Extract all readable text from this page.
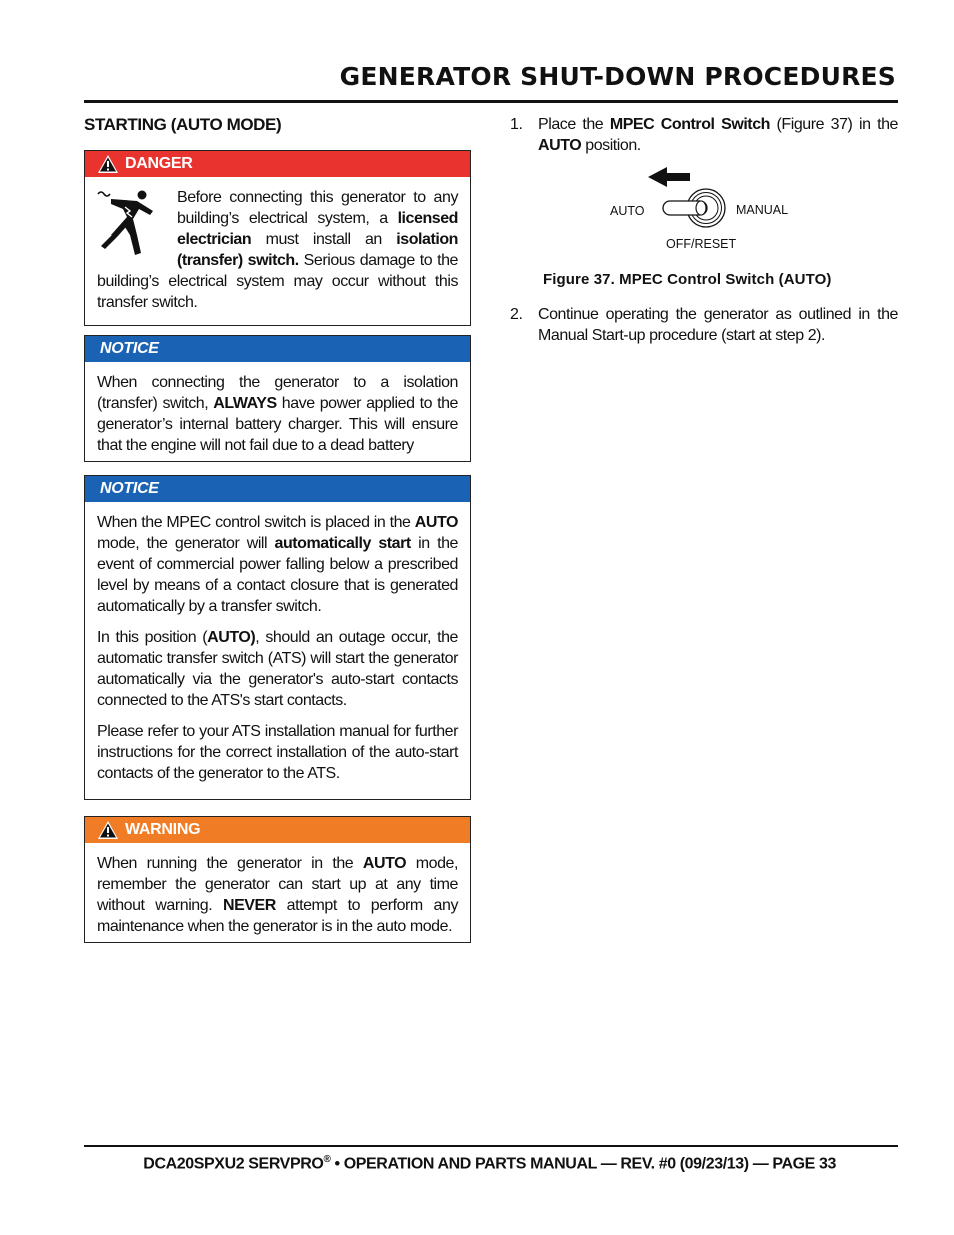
GENERATOR SHUT-DOWN PROCEDURES
STARTING (AUTO MODE)
DANGER
Before connecting this generator to any building’s electrical system, a licensed electrician must install an isolation (transfer) switch. Serious damage to the building’s electrical system may occur without this transfer switch.
NOTICE
When connecting the generator to a isolation (transfer) switch, ALWAYS have power applied to the generator’s internal battery charger. This will ensure that the engine will not fail due to a dead battery
NOTICE

When the MPEC control switch is placed in the AUTO mode, the generator will automatically start in the event of commercial power falling below a prescribed level by means of a contact closure that is generated automatically by a transfer switch.

In this position (AUTO), should an outage occur, the automatic transfer switch (ATS) will start the generator automatically via the generator's auto-start contacts connected to the ATS's start contacts.

Please refer to your ATS installation manual for further instructions for the correct installation of the auto-start contacts of the generator to the ATS.

WARNING
When running the generator in the AUTO mode, remember the generator can start up at any time without warning. NEVER attempt to perform any maintenance when the generator is in the auto mode.
1. Place the MPEC Control Switch (Figure 37) in the AUTO position.
AUTO	MANUAL
OFF/RESET
Figure 37. MPEC Control Switch (AUTO)
2. Continue operating the generator as outlined in the Manual Start-up procedure (start at step 2).
DCA20SPXU2 SERVPRO® • OPERATION AND PARTS MANUAL — REV. #0 (09/23/13) — PAGE 33
